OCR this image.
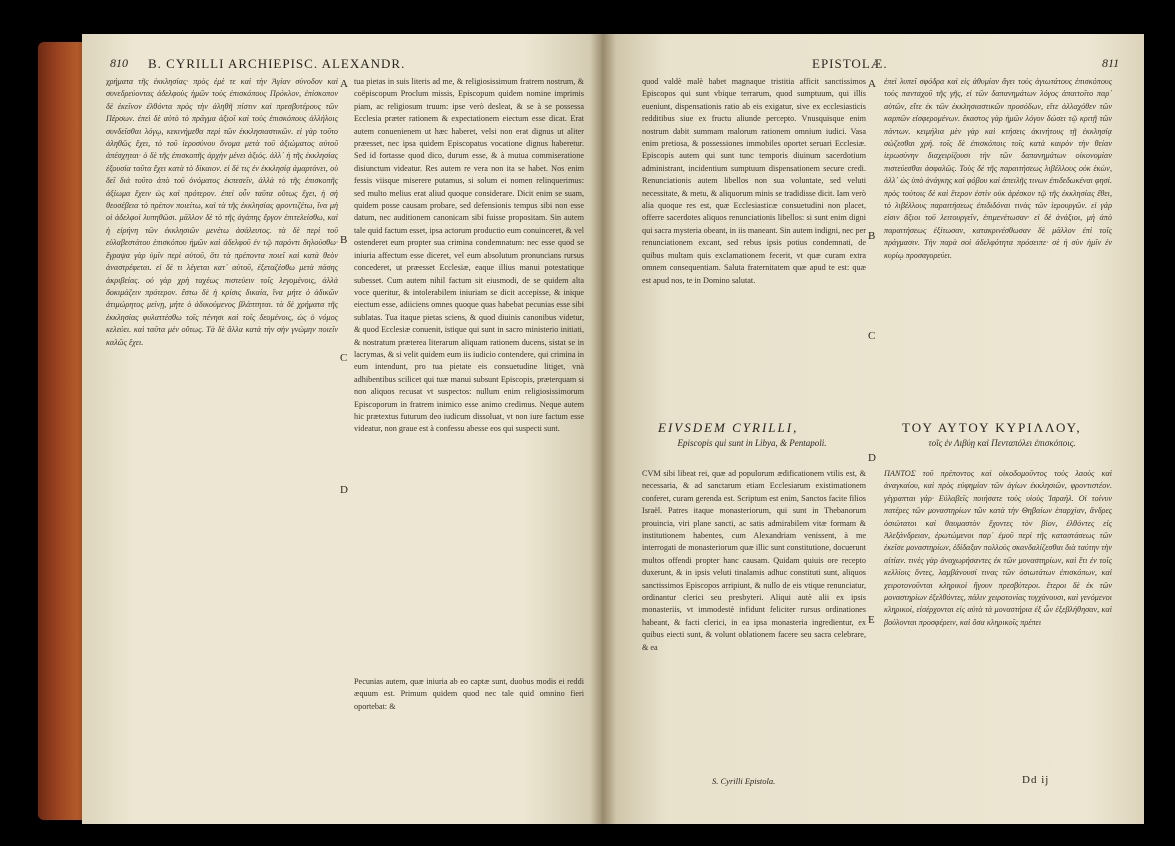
810 B. CYRILLI ARCHIEPISC. ALEXANDR.

χρήματα τῆς ἐκκλησίας· πρὸς ἐμὲ τε καὶ τὴν Ἁγίαν σύνοδον καὶ συνεδρεύοντας ἀδελφοὺς ἡμῶν τοὺς ἐπισκόπους Πρόκλον, ἐπίσκοπον δὲ ἐκεῖνον ἐλθόντα πρὸς τὴν ἀληθῆ πίστιν καὶ πρεσβυτέρους τῶν Πέρσων. ἐπεὶ δὲ αὐτὸ τὸ πρᾶγμα ἀξιοῖ καὶ τοὺς ἐπισκόπους ἀλλήλοις συνδεῖσθαι λόγῳ, κεκινήμεθα περὶ τῶν ἐκκλησιαστικῶν. εἰ γὰρ τοῦτο ἀληθῶς ἔχει, τὸ τοῦ ἱεροσύνου ὄνομα μετὰ τοῦ ἀξιώματος αὐτοῦ ἀπέσχηται· ὁ δὲ τῆς ἐπισκοπῆς ἀρχὴν μένει ἀξιός. ἀλλ᾽ ἡ τῆς ἐκκλησίας ἐξουσία ταῦτα ἔχει κατὰ τὸ δίκαιον. εἰ δὲ τις ἐν ἐκκλησίᾳ ἁμαρτάνει, οὐ δεῖ διὰ τοῦτο ἀπὸ τοῦ ὀνόματος ἐκπεσεῖν, ἀλλὰ τὸ τῆς ἐπισκοπῆς ἀξίωμα ἔχειν ὡς καὶ πρότερον. ἐπεὶ οὖν ταῦτα οὕτως ἔχει, ἡ σὴ θεοσέβεια τὸ πρέπον ποιείτω, καὶ τὰ τῆς ἐκκλησίας φροντιζέτω, ἵνα μὴ οἱ ἀδελφοὶ λυπηθῶσι. μᾶλλον δὲ τὸ τῆς ἀγάπης ἔργον ἐπιτελείσθω, καὶ ἡ εἰρήνη τῶν ἐκκλησιῶν μενέτω ἀσάλευτος. τὰ δὲ περὶ τοῦ εὐλαβεστάτου ἐπισκόπου ἡμῶν καὶ ἀδελφοῦ ἐν τῷ παρόντι δηλούσθω· ἔγραψα γὰρ ὑμῖν περὶ αὐτοῦ, ὅτι τὰ πρέποντα ποιεῖ καὶ κατὰ θεὸν ἀναστρέφεται. εἰ δὲ τι λέγεται κατ᾽ αὐτοῦ, ἐξεταζέσθω μετὰ πάσης ἀκριβείας. οὐ γὰρ χρὴ ταχέως πιστεύειν τοῖς λεγομένοις, ἀλλὰ δοκιμάζειν πρότερον. ἔστω δὲ ἡ κρίσις δικαία, ἵνα μήτε ὁ ἀδικῶν ἀτιμώρητος μείνῃ, μήτε ὁ ἀδικούμενος βλάπτηται. τὰ δὲ χρήματα τῆς ἐκκλησίας φυλαττέσθω τοῖς πένησι καὶ τοῖς δεομένοις, ὡς ὁ νόμος κελεύει. καὶ ταῦτα μὲν οὕτως. Τὰ δὲ ἄλλα κατὰ τὴν σὴν γνώμην ποιεῖν καλῶς ἔχει.

A
B
C
D

tua pietas in suis literis ad me, & religiosissimum fratrem nostrum, & coëpiscopum Proclum missis, Episcopum quidem nomine imprimis piam, ac religiosum truum: ipse verò desleat, & se à se possessa Ecclesia præter rationem & expectationem eiectum esse dicat. Erat autem conuenienem ut hæc haberet, velsi non erat dignus ut aliter præesset, nec ipsa quidem Episcopatus vocatione dignus haberetur. Sed id fortasse quod dico, durum esse, & à mutua commiseratione disiunctum videatur. Res autem re vera non ita se habet. Nos enim fessis viisque miserere putamus, si solum ei nomen relinquerimus: sed multo melius erat aliud quoque considerare. Dicit enim se suam, quidem posse causam probare, sed defensionis tempus sibi non esse datum, nec auditionem canonicam sibi fuisse propositam. Sin autem tale quid factum esset, ipsa actorum productio eum conuinceret, & vel ostenderet eum propter sua crimina condemnatum: nec esse quod se iniuria affectum esse diceret, vel eum absolutum pronuncians rursus concederet, ut præesset Ecclesiæ, eaque illius manui potestatique subesset. Cum autem nihil factum sit eiusmodi, de se quidem alta voce queritur, & intolerabilem iniuriam se dicit accepisse, & inique eiectum esse, adiiciens omnes quoque quas habebat pecunias esse sibi sublatas. Tua itaque pietas sciens, & quod diuinis canonibus videtur, & quod Ecclesiæ conuenit, istique qui sunt in sacro ministerio initiati, & nostratum præterea literarum aliquam rationem ducens, sistat se in lacrymas, & si velit quidem eum iis iudicio contendere, qui crimina in eum intendunt, pro tua pietate eis consuetudine litiget, vnà adhibentibus scilicet qui tuæ manui subsunt Episcopis, præterquam si non aliquos recusat vt suspectos: nullum enim religiosissimorum Episcoporum in fratrem inimico esse animo credimus. Neque autem hic prætextus futurum deo iudicum dissoluat, vt non iure factum esse videatur, non graue est à confessu abesse eos qui suspecti sunt.

Pecunias autem, quæ iniuria ab eo captæ sunt, duobus modis ei reddi æquum est. Primum quidem quod nec tale quid omnino fieri oportebat: &

EPISTOLÆ.	811

quod valdè malè habet magnaque tristitia afficit sanctissimos Episcopos qui sunt vbique terrarum, quod sumptuum, qui illis eueniunt, dispensationis ratio ab eis exigatur, sive ex ecclesiasticis redditibus siue ex fructu aliunde percepto. Vnusquisque enim nostrum dabit summam malorum rationem omnium iudici. Vasa enim pretiosa, & possessiones immobiles oportet seruari Ecclesiæ. Episcopis autem qui sunt tunc temporis diuinum sacerdotium administrant, incidentium sumptuum dispensationem secure credi. Renunciationis autem libellos non sua voluntate, sed veluti necessitate, & metu, & aliquorum minis se tradidisse dicit. Iam verò alia quoque res est, quæ Ecclesiasticæ consuetudini non placet, offerre sacerdotes aliquos renunciationis libellos: si sunt enim digni qui sacra mysteria obeant, in iis maneant. Sin autem indigni, nec per renunciationem excant, sed rebus ipsis potius condemnati, de quibus multam quis exclamationem fecerit, vt quæ curam extra omnem consequentiam. Saluta fraternitatem quæ apud te est: quæ est apud nos, te in Domino salutat.

A
B
C
D
E

ἐπεὶ λυπεῖ σφόδρα καὶ εἰς ἀθυμίαν ἄγει τοὺς ἁγιωτάτους ἐπισκόπους τοὺς πανταχοῦ τῆς γῆς, εἰ τῶν δαπανημάτων λόγος ἀπαιτοῖτο παρ᾽ αὐτῶν, εἴτε ἐκ τῶν ἐκκλησιαστικῶν προσόδων, εἴτε ἀλλαχόθεν τῶν καρπῶν εἰσφερομένων. ἕκαστος γὰρ ἡμῶν λόγον δώσει τῷ κριτῇ τῶν πάντων. κειμήλια μὲν γὰρ καὶ κτήσεις ἀκινήτους τῇ ἐκκλησίᾳ σώζεσθαι χρή. τοῖς δὲ ἐπισκόποις τοῖς κατὰ καιρὸν τὴν θείαν ἱερωσύνην διαχειρίζουσι τὴν τῶν δαπανημάτων οἰκονομίαν πιστεύεσθαι ἀσφαλῶς. Τοὺς δὲ τῆς παραιτήσεως λιβέλλους οὐκ ἑκὼν, ἀλλ᾽ ὡς ὑπὸ ἀνάγκης καὶ φόβου καὶ ἀπειλῆς τινων ἐπιδεδωκέναι φησί. πρὸς τούτοις δὲ καὶ ἕτερον ἐστὶν οὐκ ἀρέσκον τῷ τῆς ἐκκλησίας ἔθει, τὸ λιβέλλους παραιτήσεως ἐπιδιδόναι τινὰς τῶν ἱερουργῶν. εἰ γάρ εἰσιν ἄξιοι τοῦ λειτουργεῖν, ἐπιμενέτωσαν· εἰ δὲ ἀνάξιοι, μὴ ἀπὸ παραιτήσεως ἐξίτωσαν, κατακρινέσθωσαν δὲ μᾶλλον ἐπὶ τοῖς πράγμασιν. Τὴν παρὰ σοὶ ἀδελφότητα πρόσειπε· σὲ ἡ σὺν ἡμῖν ἐν κυρίῳ προσαγορεύει.

EIVSDEM CYRILLI,
Episcopis qui sunt in Libya, & Pentapoli.
ΤΟΥ ΑΥΤΟΥ ΚΥΡΙΛΛΟΥ,
τοῖς ἐν Λιβύῃ καὶ Πενταπόλει ἐπισκόποις.

CVM sibi libeat rei, quæ ad populorum ædificationem vtilis est, & necessaria, & ad sanctarum etiam Ecclesiarum existimationem conferet, curam gerenda est. Scriptum est enim, Sanctos facite filios Israël. Patres itaque monasteriorum, qui sunt in Thebanorum prouincia, viri plane sancti, ac satis admirabilem vitæ formam & institutionem habentes, cum Alexandriam venissent, à me interrogati de monasteriorum quæ illic sunt constitutione, docuerunt multos offendi propter hanc causam. Quidam quiuis ore recepto duxerunt, & in ipsis veluti tinalamis adhuc constituti sunt, aliquos sanctissimos Episcopos arripiunt, & nullo de eis vtique renunciatur, ordinantur clerici seu presbyteri. Aliqui autè alii ex ipsis monasteriis, vt immodestè infidunt feliciter rursus ordinationes habeant, & facti clerici, in ea ipsa monasteria ingredientur, ex quibus eiecti sunt, & volunt oblationem facere seu sacra celebrare, & ea

ΠΑΝΤΟΣ τοῦ πρέποντος καὶ οἰκοδομοῦντος τοὺς λαοὺς καὶ ἀναγκαίου, καὶ πρὸς εὐφημίαν τῶν ἁγίων ἐκκλησιῶν, φροντιστέον. γέγραπται γάρ· Εὐλαβεῖς ποιήσατε τοὺς υἱοὺς Ἰσραήλ. Οἱ τοίνυν πατέρες τῶν μοναστηρίων τῶν κατὰ τὴν Θηβαίων ἐπαρχίαν, ἄνδρες ὁσιώτατοι καὶ θαυμαστὸν ἔχοντες τὸν βίον, ἐλθόντες εἰς Ἀλεξάνδρειαν, ἐρωτώμενοι παρ᾽ ἐμοῦ περὶ τῆς καταστάσεως τῶν ἐκεῖσε μοναστηρίων, ἐδίδαξαν πολλοὺς σκανδαλίζεσθαι διὰ ταύτην τὴν αἰτίαν. τινὲς γὰρ ἀναχωρήσαντες ἐκ τῶν μοναστηρίων, καὶ ἔτι ἐν τοῖς κελλίοις ὄντες, λαμβάνουσί τινας τῶν ὁσιωτάτων ἐπισκόπων, καὶ χειροτονοῦνται κληρικοὶ ἤγουν πρεσβύτεροι. ἕτεροι δὲ ἐκ τῶν μοναστηρίων ἐξελθόντες, πάλιν χειροτονίας τυγχάνουσι, καὶ γενόμενοι κληρικοί, εἰσέρχονται εἰς αὐτὰ τὰ μοναστήρια ἐξ ὧν ἐξεβλήθησαν, καὶ βούλονται προσφέρειν, καὶ ὅσα κληρικοῖς πρέπει

S. Cyrilli Epistola.	Dd ij
